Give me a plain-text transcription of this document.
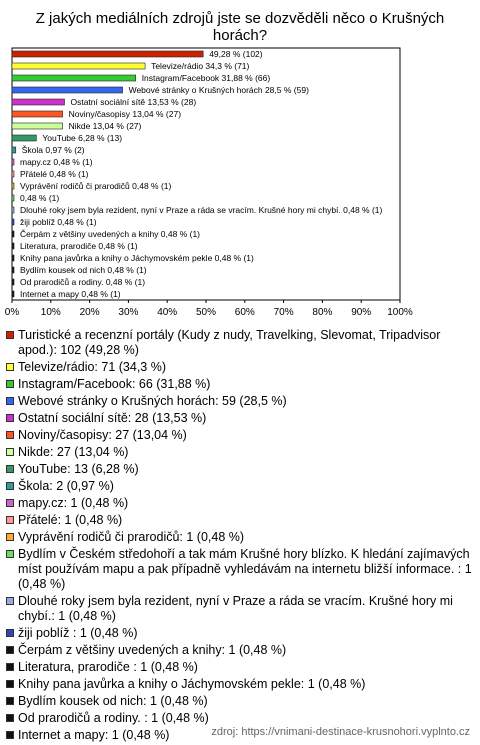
Z jakých mediálních zdrojů jste se dozvěděli něco o Krušných horách?
49,28 % (102)
Televize/rádio 34,3 % (71)
Instagram/Facebook 31,88 % (66)
Webové stránky o Krušných horách 28,5 % (59)
Ostatní sociální sítě 13,53 % (28)
Noviny/časopisy 13,04 % (27)
Nikde 13,04 % (27)
YouTube 6,28 % (13)
Škola 0,97 % (2)
mapy.cz 0,48 % (1)
Přátelé 0,48 % (1)
Vyprávění rodičů či prarodičů 0,48 % (1)
0,48 % (1)
Dlouhé roky jsem byla rezident, nyní v Praze a ráda se vracím. Krušné hory mi chybí. 0,48 % (1)
žiji poblíž 0,48 % (1)
Čerpám z většiny uvedených a knihy 0,48 % (1)
Literatura, prarodiče 0,48 % (1)
Knihy pana javůrka a knihy o Jáchymovském pekle 0,48 % (1)
Bydlím kousek od nich 0,48 % (1)
Od prarodičů a rodiny. 0,48 % (1)
Internet a mapy 0,48 % (1)
0% 10% 20% 30% 40% 50% 60% 70% 80% 90% 100%
Turistické a recenzní portály (Kudy z nudy, Travelking, Slevomat, Tripadvisor apod.): 102 (49,28 %)
Televize/rádio: 71 (34,3 %)
Instagram/Facebook: 66 (31,88 %)
Webové stránky o Krušných horách: 59 (28,5 %)
Ostatní sociální sítě: 28 (13,53 %)
Noviny/časopisy: 27 (13,04 %)
Nikde: 27 (13,04 %)
YouTube: 13 (6,28 %)
Škola: 2 (0,97 %)
mapy.cz: 1 (0,48 %)
Přátelé: 1 (0,48 %)
Vyprávění rodičů či prarodičů: 1 (0,48 %)
Bydlím v Českém středohoří a tak mám Krušné hory blízko. K hledání zajímavých míst používám mapu a pak případně vyhledávám na internetu bližší informace. : 1 (0,48 %)
Dlouhé roky jsem byla rezident, nyní v Praze a ráda se vracím. Krušné hory mi chybí.: 1 (0,48 %)
žiji poblíž : 1 (0,48 %)
Čerpám z většiny uvedených a knihy: 1 (0,48 %)
Literatura, prarodiče : 1 (0,48 %)
Knihy pana javůrka a knihy o Jáchymovském pekle: 1 (0,48 %)
Bydlím kousek od nich: 1 (0,48 %)
Od prarodičů a rodiny. : 1 (0,48 %)
Internet a mapy: 1 (0,48 %)	zdroj: https://vnimani-destinace-krusnohori.vyplnto.cz
